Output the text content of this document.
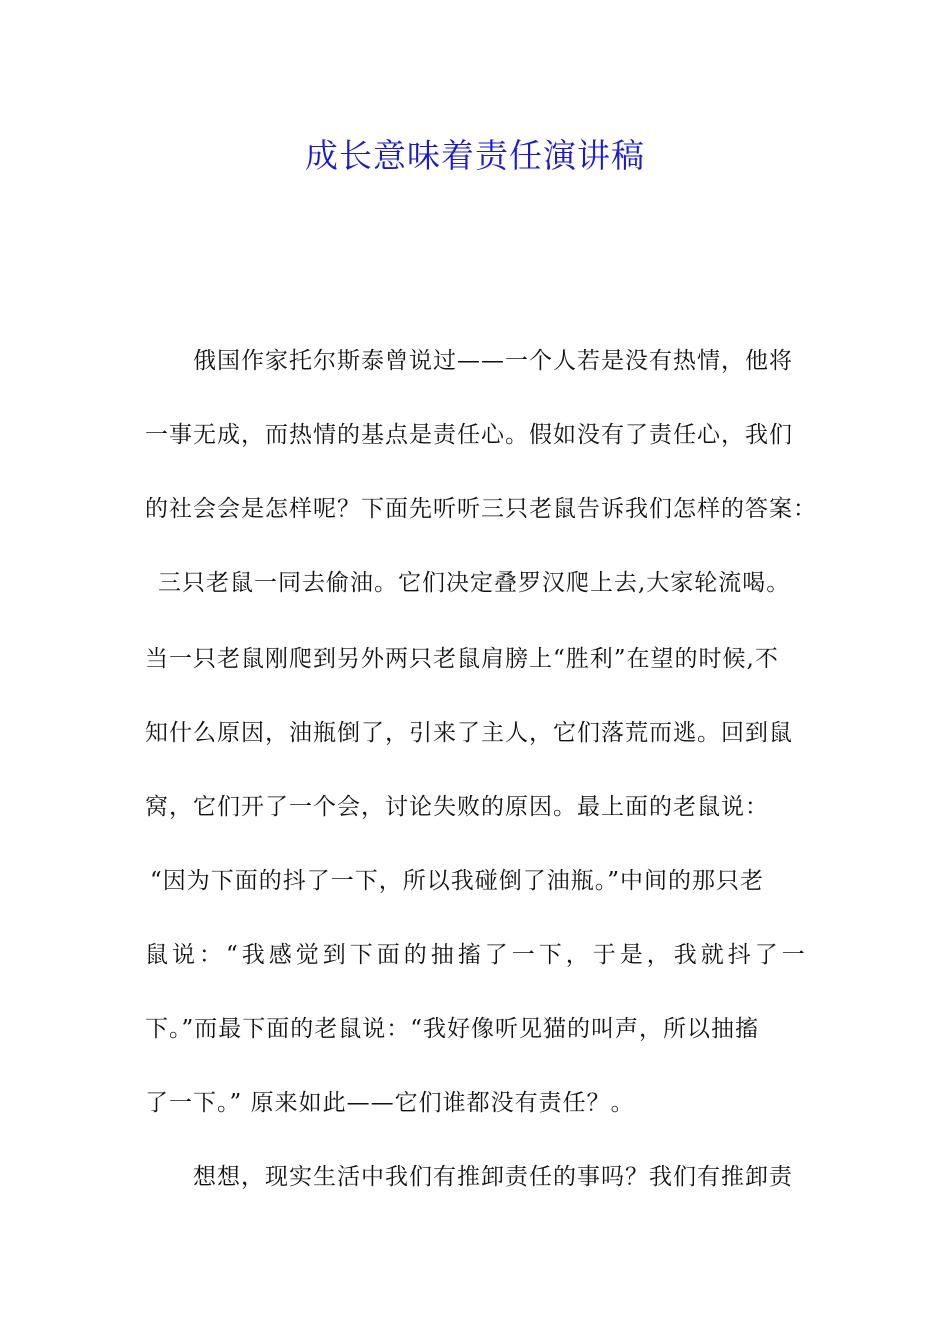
成长意味着责任演讲稿
俄国作家托尔斯泰曾说过——一个人若是没有热情，他将
一事无成，而热情的基点是责任心。假如没有了责任心，我们
的社会会是怎样呢？下面先听听三只老鼠告诉我们怎样的答案：
三只老鼠一同去偷油。它们决定叠罗汉爬上去,大家轮流喝。
当一只老鼠刚爬到另外两只老鼠肩膀上“胜利”在望的时候,不
知什么原因，油瓶倒了，引来了主人，它们落荒而逃。回到鼠
窝，它们开了一个会，讨论失败的原因。最上面的老鼠说：
“因为下面的抖了一下，所以我碰倒了油瓶。”中间的那只老
鼠说：“我感觉到下面的抽搐了一下，于是，我就抖了一
下。”而最下面的老鼠说：“我好像听见猫的叫声，所以抽搐
了一下。” 原来如此——它们谁都没有责任？。
想想，现实生活中我们有推卸责任的事吗？我们有推卸责
